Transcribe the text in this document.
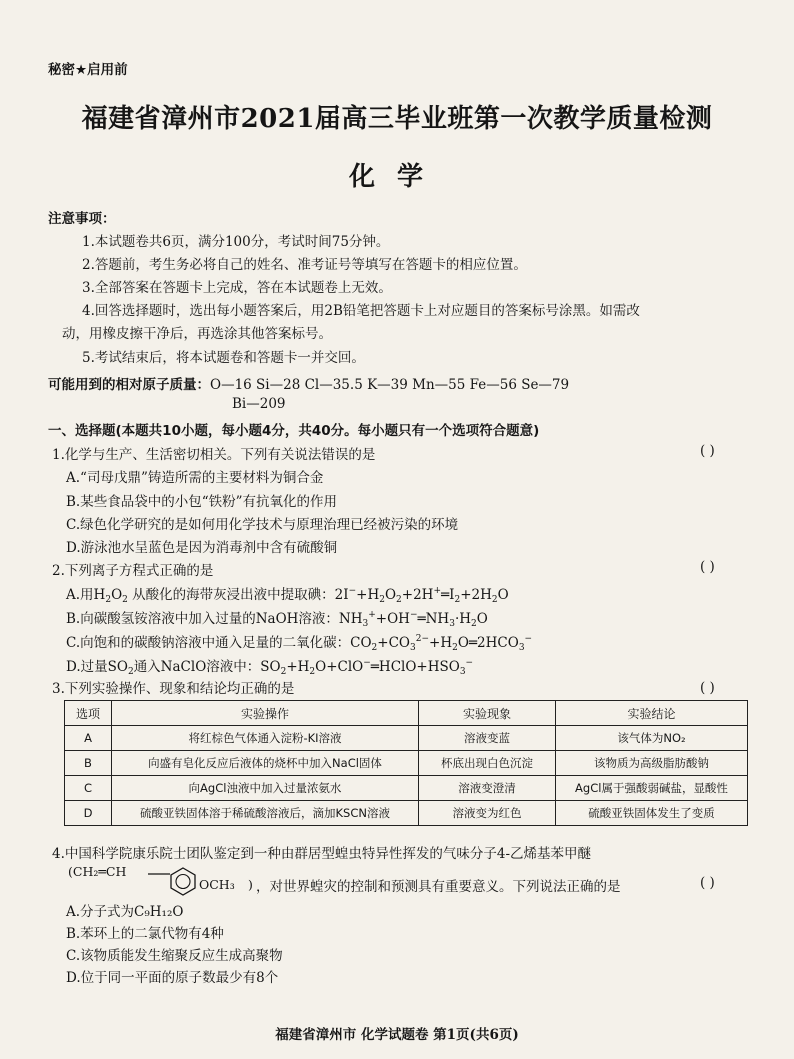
秘密★启用前
福建省漳州市2021届高三毕业班第一次教学质量检测
化学
注意事项：
1.本试题卷共6页，满分100分，考试时间75分钟。
2.答题前，考生务必将自己的姓名、准考证号等填写在答题卡的相应位置。
3.全部答案在答题卡上完成，答在本试题卷上无效。
4.回答选择题时，选出每小题答案后，用2B铅笔把答题卡上对应题目的答案标号涂黑。如需改
动，用橡皮擦干净后，再选涂其他答案标号。
5.考试结束后，将本试题卷和答题卡一并交回。
可能用到的相对原子质量：O—16 Si—28 Cl—35.5 K—39 Mn—55 Fe—56 Se—79
Bi—209
一、选择题(本题共10小题，每小题4分，共40分。每小题只有一个选项符合题意)
1.化学与生产、生活密切相关。下列有关说法错误的是	( )
A.“司母戊鼎”铸造所需的主要材料为铜合金
B.某些食品袋中的小包“铁粉”有抗氧化的作用
C.绿色化学研究的是如何用化学技术与原理治理已经被污染的环境
D.游泳池水呈蓝色是因为消毒剂中含有硫酸铜
2.下列离子方程式正确的是	( )
A.用$H_2O_2$ 从酸化的海带灰浸出液中提取碘：$2I^-+H_2O_2+2H^+═I_2+2H_2O$
B.向碳酸氢铵溶液中加入过量的NaOH溶液：$NH_3^++OH^-═NH_3\cdot H_2O$
C.向饱和的碳酸钠溶液中通入足量的二氧化碳：$CO_2+CO_3^{2-}+H_2O═2HCO_3^-$
D.过量$SO_2$通入NaClO溶液中：$SO_2+H_2O+ClO^-═HClO+HSO_3^-$
3.下列实验操作、现象和结论均正确的是	( )
选项	实验操作	实验现象	实验结论
A	将红棕色气体通入淀粉-KI溶液	溶液变蓝	该气体为NO₂
B	向盛有皂化反应后液体的烧杯中加入NaCl固体	杯底出现白色沉淀	该物质为高级脂肪酸钠
C	向AgCl浊液中加入过量浓氨水	溶液变澄清	AgCl属于强酸弱碱盐，显酸性
D	硫酸亚铁固体溶于稀硫酸溶液后，滴加KSCN溶液	溶液变为红色	硫酸亚铁固体发生了变质
4.中国科学院康乐院士团队鉴定到一种由群居型蝗虫特异性挥发的气味分子4-乙烯基苯甲醚
(CH₂═CH
OCH₃ ) ，对世界蝗灾的控制和预测具有重要意义。下列说法正确的是	( )
A.分子式为C₉H₁₂O
B.苯环上的二氯代物有4种
C.该物质能发生缩聚反应生成高聚物
D.位于同一平面的原子数最少有8个
福建省漳州市 化学试题卷 第1页(共6页)
